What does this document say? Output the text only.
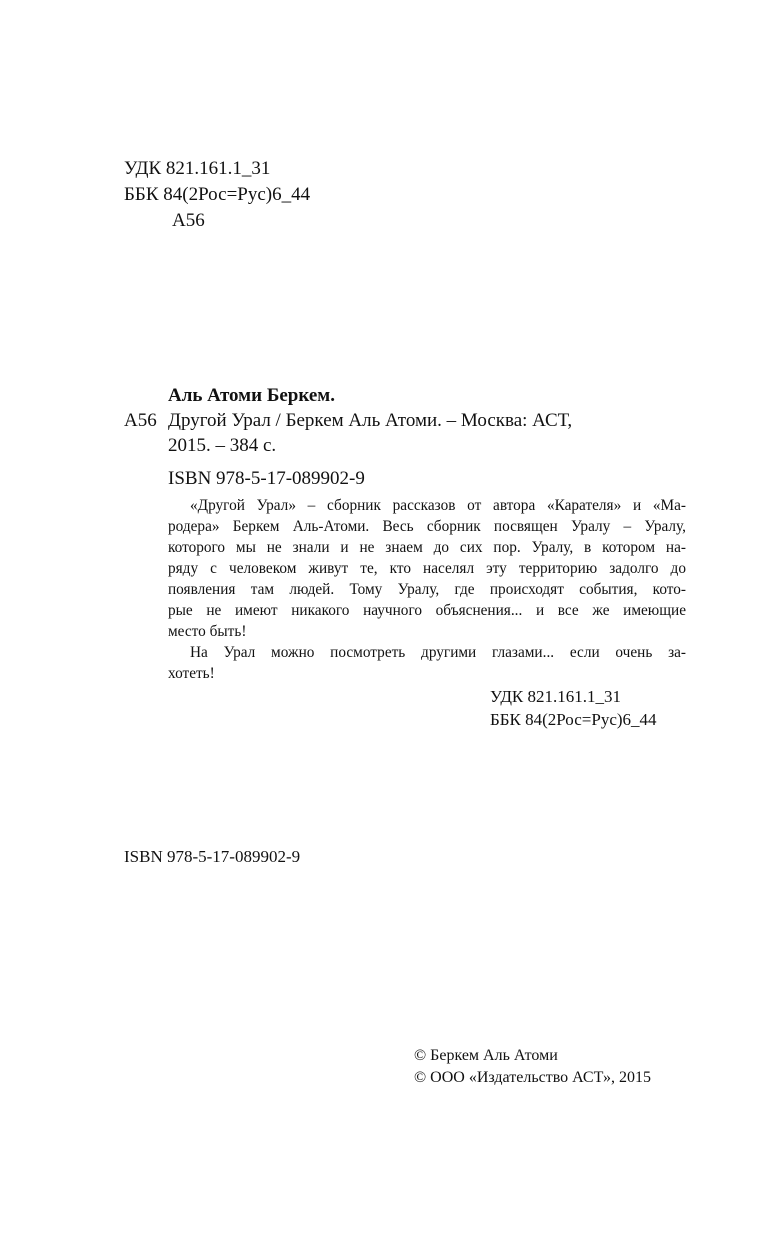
УДК 821.161.1_31
ББК 84(2Рос=Рус)6_44
А56
Аль Атоми Беркем.
А56 Другой Урал / Беркем Аль Атоми. – Москва: АСТ,
2015. – 384 с.
ISBN 978-5-17-089902-9

«Другой Урал» – сборник рассказов от автора «Карателя» и «Ма-

родера» Беркем Аль-Атоми. Весь сборник посвящен Уралу – Уралу,
которого мы не знали и не знаем до сих пор. Уралу, в котором на-
ряду с человеком живут те, кто населял эту территорию задолго до
появления там людей. Тому Уралу, где происходят события, кото-
рые не имеют никакого научного объяснения... и все же имеющие
место быть!

На Урал можно посмотреть другими глазами... если очень за-

хотеть!
УДК 821.161.1_31
ББК 84(2Рос=Рус)6_44
ISBN 978-5-17-089902-9
© Беркем Аль Атоми
© ООО «Издательство АСТ», 2015
